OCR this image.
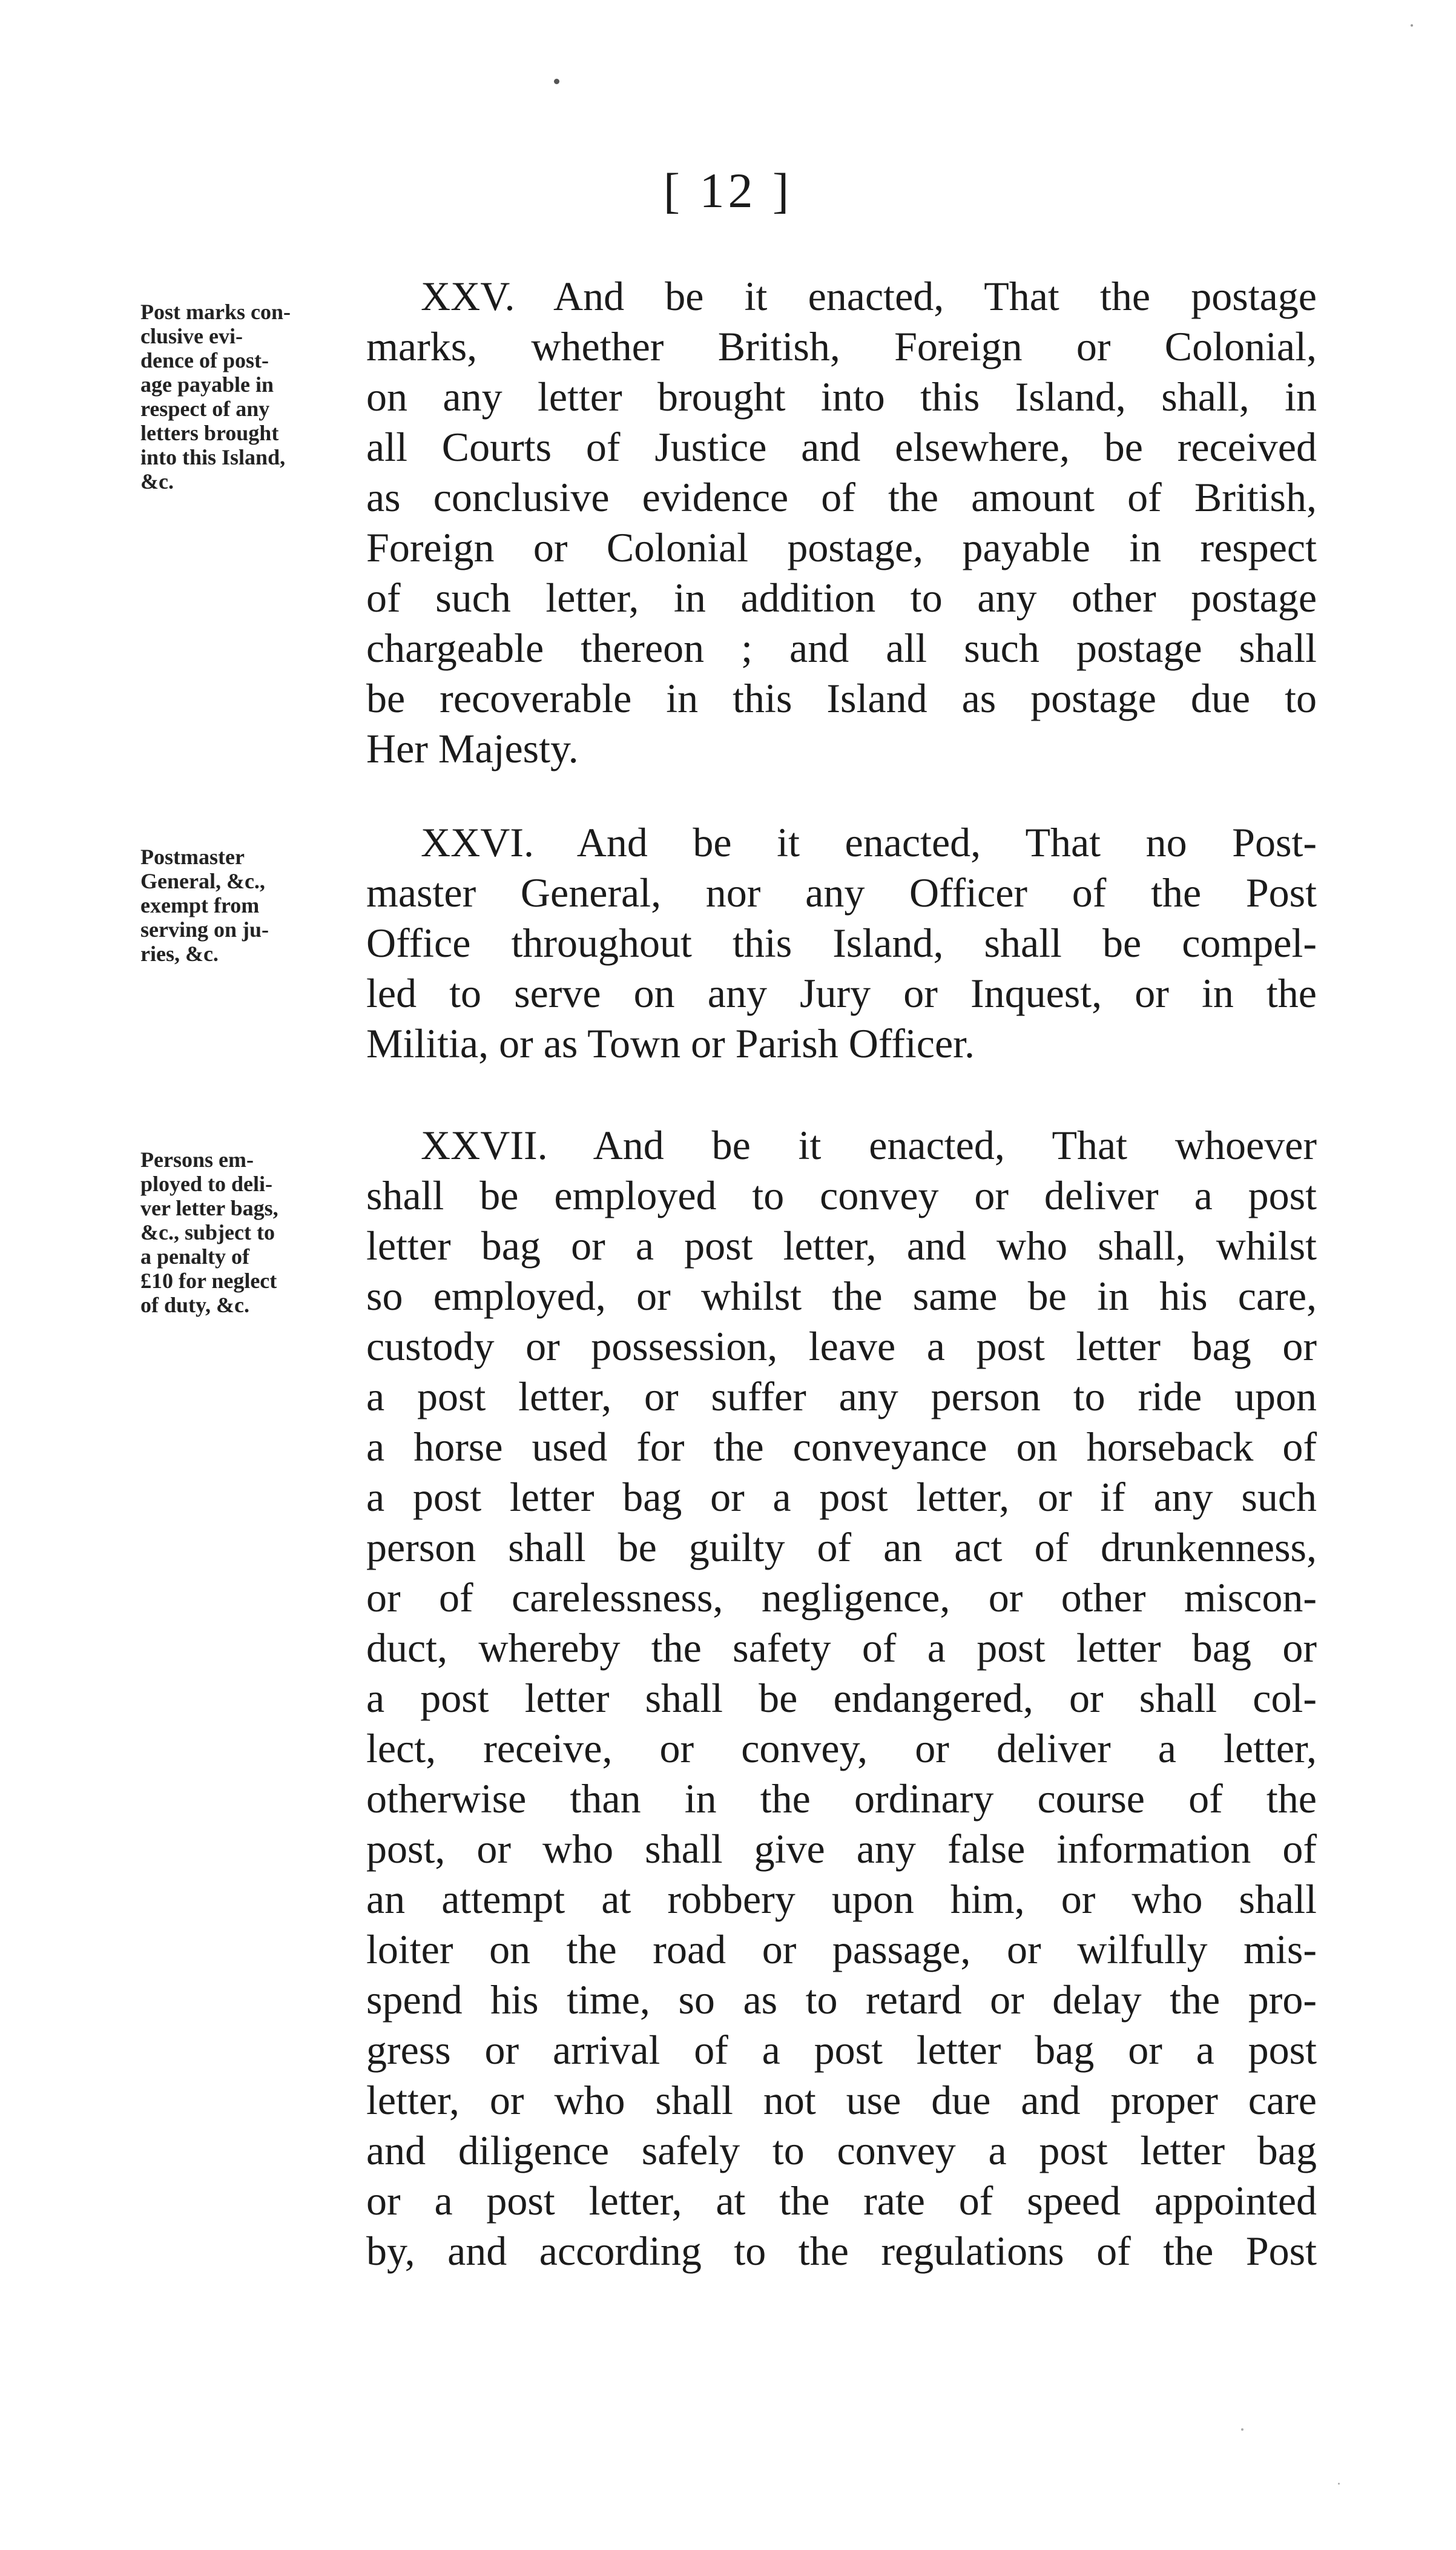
[ 12 ]

Post marks con-
clusive evi-
dence of post-
age payable in
respect of any
letters brought
into this Island,
&c.

XXV. And be it enacted, That the postage
marks, whether British, Foreign or Colonial,
on any letter brought into this Island, shall, in
all Courts of Justice and elsewhere, be received
as conclusive evidence of the amount of British,
Foreign or Colonial postage, payable in respect
of such letter, in addition to any other postage
chargeable thereon ; and all such postage shall
be recoverable in this Island as postage due to
Her Majesty.

Postmaster
General, &c.,
exempt from
serving on ju-
ries, &c.

XXVI. And be it enacted, That no Post-
master General, nor any Officer of the Post
Office throughout this Island, shall be compel-
led to serve on any Jury or Inquest, or in the
Militia, or as Town or Parish Officer.

Persons em-
ployed to deli-
ver letter bags,
&c., subject to
a penalty of
£10 for neglect
of duty, &c.

XXVII. And be it enacted, That whoever
shall be employed to convey or deliver a post
letter bag or a post letter, and who shall, whilst
so employed, or whilst the same be in his care,
custody or possession, leave a post letter bag or
a post letter, or suffer any person to ride upon
a horse used for the conveyance on horseback of
a post letter bag or a post letter, or if any such
person shall be guilty of an act of drunkenness,
or of carelessness, negligence, or other miscon-
duct, whereby the safety of a post letter bag or
a post letter shall be endangered, or shall col-
lect, receive, or convey, or deliver a letter,
otherwise than in the ordinary course of the
post, or who shall give any false information of
an attempt at robbery upon him, or who shall
loiter on the road or passage, or wilfully mis-
spend his time, so as to retard or delay the pro-
gress or arrival of a post letter bag or a post
letter, or who shall not use due and proper care
and diligence safely to convey a post letter bag
or a post letter, at the rate of speed appointed
by, and according to the regulations of the Post
